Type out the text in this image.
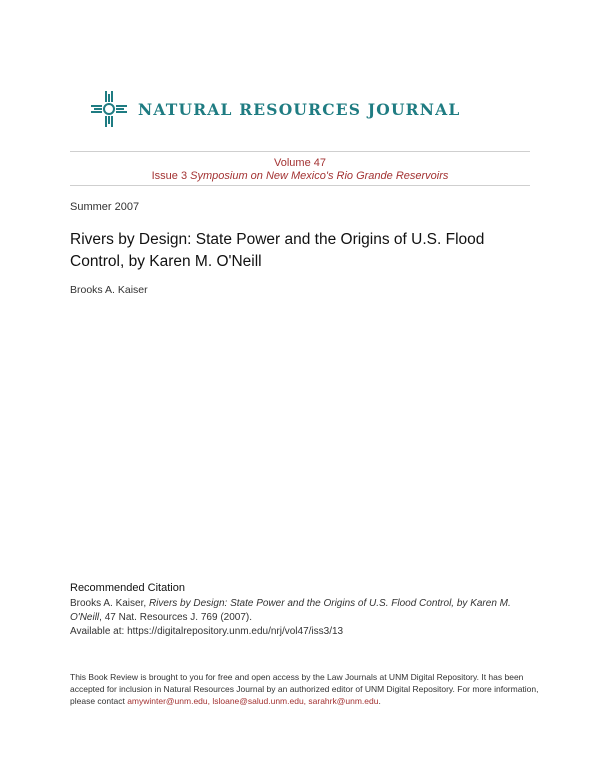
NATURAL RESOURCES JOURNAL
Volume 47
Issue 3 Symposium on New Mexico's Rio Grande Reservoirs
Summer 2007
Rivers by Design: State Power and the Origins of U.S. Flood Control, by Karen M. O'Neill
Brooks A. Kaiser
Recommended Citation
Brooks A. Kaiser, Rivers by Design: State Power and the Origins of U.S. Flood Control, by Karen M. O'Neill, 47 Nat. Resources J. 769 (2007).
Available at: https://digitalrepository.unm.edu/nrj/vol47/iss3/13
This Book Review is brought to you for free and open access by the Law Journals at UNM Digital Repository. It has been accepted for inclusion in Natural Resources Journal by an authorized editor of UNM Digital Repository. For more information, please contact amywinter@unm.edu, lsloane@salud.unm.edu, sarahrk@unm.edu.
